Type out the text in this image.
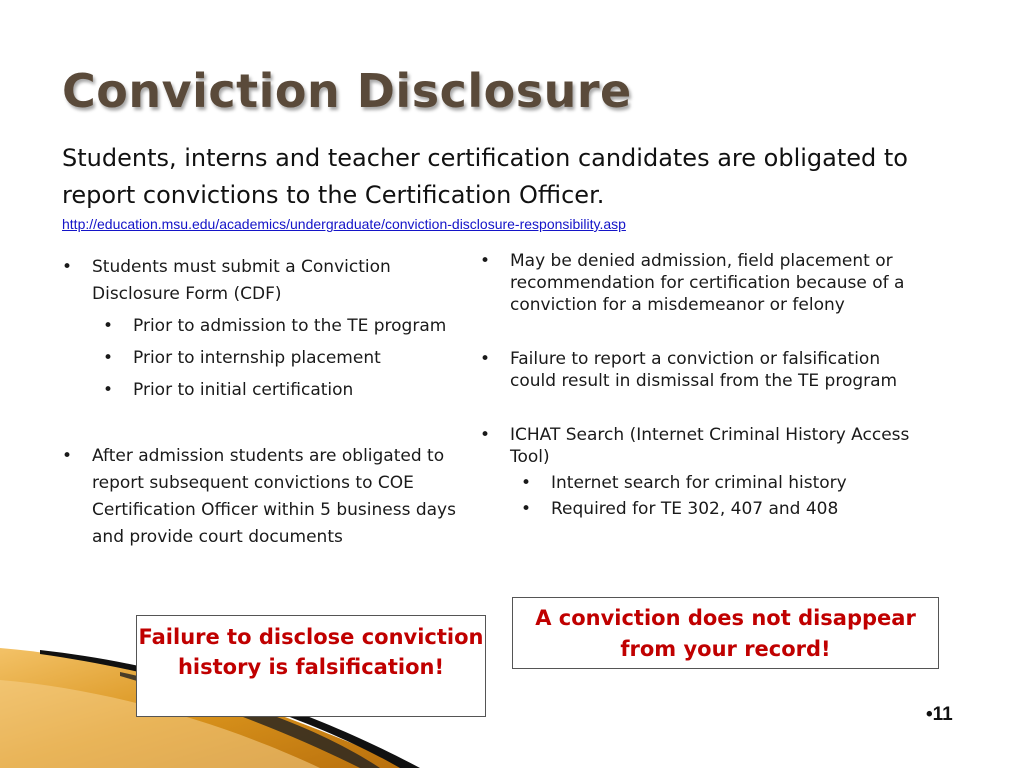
Conviction Disclosure
Students, interns and teacher certification candidates are obligated to report convictions to the Certification Officer.
http://education.msu.edu/academics/undergraduate/conviction-disclosure-responsibility.asp
• Students must submit a Conviction Disclosure Form (CDF)
• Prior to admission to the TE program
• Prior to internship placement
• Prior to initial certification
• After admission students are obligated to report subsequent convictions to COE Certification Officer within 5 business days and provide court documents
• May be denied admission, field placement or recommendation for certification because of a conviction for a misdemeanor or felony
• Failure to report a conviction or falsification could result in dismissal from the TE program
• ICHAT Search (Internet Criminal History Access Tool)
• Internet search for criminal history
• Required for TE 302, 407 and 408
Failure to disclose conviction history is falsification!
A conviction does not disappear from your record!
•11
